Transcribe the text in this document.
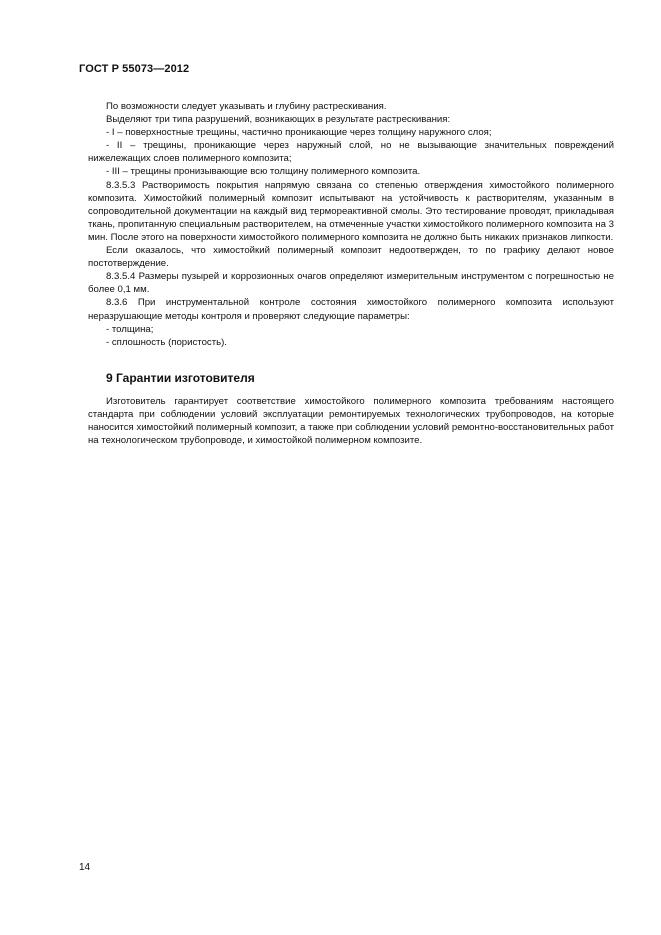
ГОСТ Р 55073—2012

По возможности следует указывать и глубину растрескивания.

Выделяют три типа разрушений, возникающих в результате растрескивания:

- I – поверхностные трещины, частично проникающие через толщину наружного слоя;

- II – трещины, проникающие через наружный слой, но не вызывающие значительных повреждений нижележащих слоев полимерного композита;

- III – трещины пронизывающие всю толщину полимерного композита.

8.3.5.3 Растворимость покрытия напрямую связана со степенью отверждения химостойкого полимерного композита. Химостойкий полимерный композит испытывают на устойчивость к растворителям, указанным в сопроводительной документации на каждый вид термореактивной смолы. Это тестирование проводят, прикладывая ткань, пропитанную специальным растворителем, на отмеченные участки химостойкого полимерного композита на 3 мин. После этого на поверхности химостойкого полимерного композита не должно быть никаких признаков липкости.

Если оказалось, что химостойкий полимерный композит недоотвержден, то по графику делают новое постотверждение.

8.3.5.4 Размеры пузырей и коррозионных очагов определяют измерительным инструментом с погрешностью не более 0,1 мм.

8.3.6 При инструментальной контроле состояния химостойкого полимерного композита используют неразрушающие методы контроля и проверяют следующие параметры:

- толщина;

- сплошность (пористость).

9 Гарантии изготовителя

Изготовитель гарантирует соответствие химостойкого полимерного композита требованиям настоящего стандарта при соблюдении условий эксплуатации ремонтируемых технологических трубопроводов, на которые наносится химостойкий полимерный композит, а также при соблюдении условий ремонтно-восстановительных работ на технологическом трубопроводе, и химостойкой полимерном композите.

14
